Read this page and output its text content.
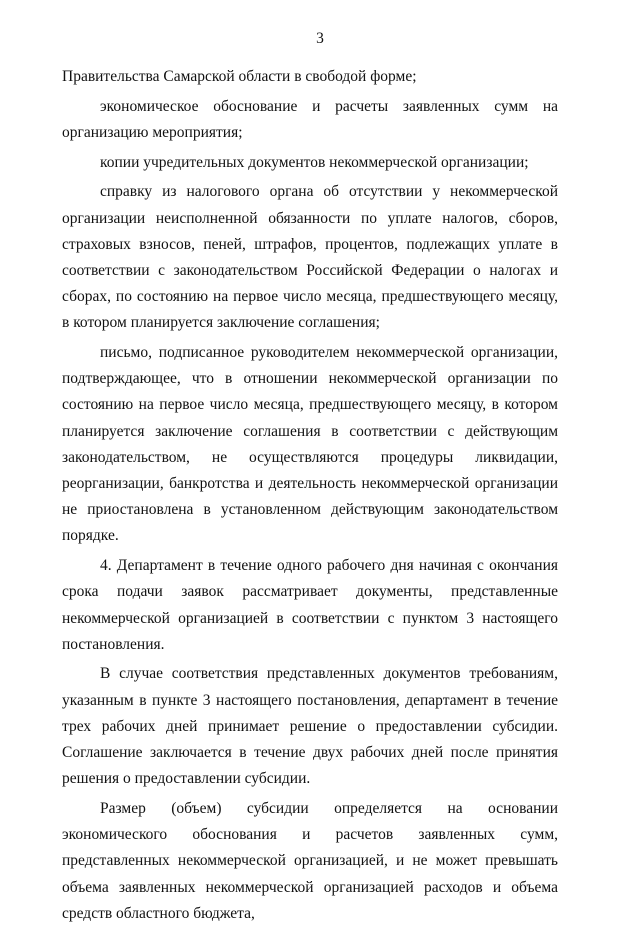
3

Правительства Самарской области в свободой форме;

экономическое обоснование и расчеты заявленных сумм на организацию мероприятия;

копии учредительных документов некоммерческой организации;

справку из налогового органа об отсутствии у некоммерческой организации неисполненной обязанности по уплате налогов, сборов, страховых взносов, пеней, штрафов, процентов, подлежащих уплате в соответствии с законодательством Российской Федерации о налогах и сборах, по состоянию на первое число месяца, предшествующего месяцу, в котором планируется заключение соглашения;

письмо, подписанное руководителем некоммерческой организации, подтверждающее, что в отношении некоммерческой организации по состоянию на первое число месяца, предшествующего месяцу, в котором планируется заключение соглашения в соответствии с действующим законодательством, не осуществляются процедуры ликвидации, реорганизации, банкротства и деятельность некоммерческой организации не приостановлена в установленном действующим законодательством порядке.

4. Департамент в течение одного рабочего дня начиная с окончания срока подачи заявок рассматривает документы, представленные некоммерческой организацией в соответствии с пунктом 3 настоящего постановления.

В случае соответствия представленных документов требованиям, указанным в пункте 3 настоящего постановления, департамент в течение трех рабочих дней принимает решение о предоставлении субсидии. Соглашение заключается в течение двух рабочих дней после принятия решения о предоставлении субсидии.

Размер (объем) субсидии определяется на основании экономического обоснования и расчетов заявленных сумм, представленных некоммерческой организацией, и не может превышать объема заявленных некоммерческой организацией расходов и объема средств областного бюджета,
